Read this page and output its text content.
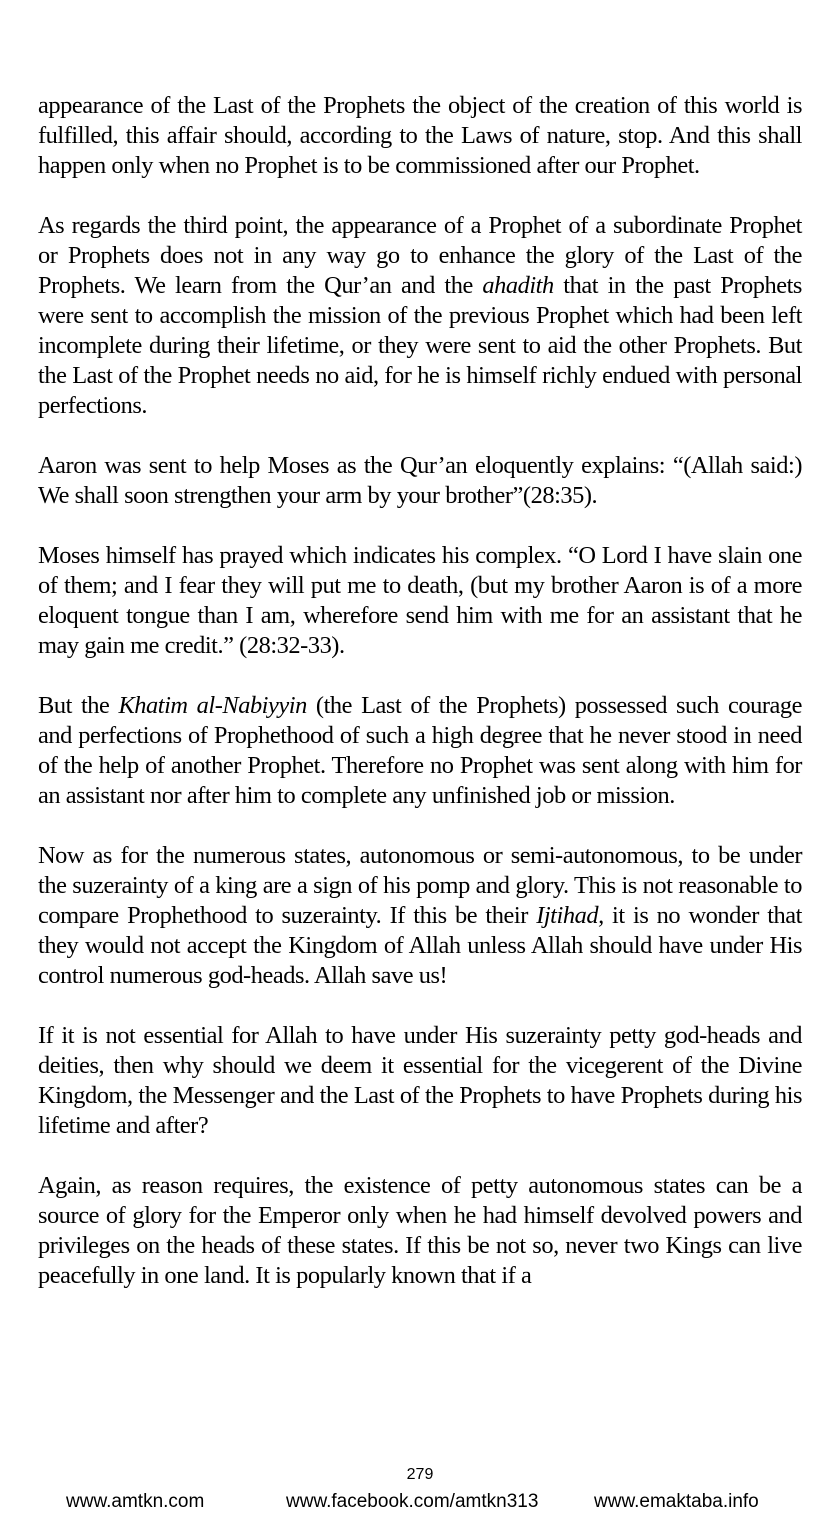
appearance of the Last of the Prophets the object of the creation of this world is fulfilled, this affair should, according to the Laws of nature, stop. And this shall happen only when no Prophet is to be commissioned after our Prophet.

As regards the third point, the appearance of a Prophet of a subordinate Prophet or Prophets does not in any way go to enhance the glory of the Last of the Prophets. We learn from the Qur’an and the ahadith that in the past Prophets were sent to accomplish the mission of the previous Prophet which had been left incomplete during their lifetime, or they were sent to aid the other Prophets. But the Last of the Prophet needs no aid, for he is himself richly endued with personal perfections.

Aaron was sent to help Moses as the Qur’an eloquently explains: “(Allah said:) We shall soon strengthen your arm by your brother”(28:35).

Moses himself has prayed which indicates his complex. “O Lord I have slain one of them; and I fear they will put me to death, (but my brother Aaron is of a more eloquent tongue than I am, wherefore send him with me for an assistant that he may gain me credit.” (28:32-33).

But the Khatim al-Nabiyyin (the Last of the Prophets) possessed such courage and perfections of Prophethood of such a high degree that he never stood in need of the help of another Prophet. Therefore no Prophet was sent along with him for an assistant nor after him to complete any unfinished job or mission.

Now as for the numerous states, autonomous or semi-autonomous, to be under the suzerainty of a king are a sign of his pomp and glory. This is not reasonable to compare Prophethood to suzerainty. If this be their Ijtihad, it is no wonder that they would not accept the Kingdom of Allah unless Allah should have under His control numerous god-heads. Allah save us!

If it is not essential for Allah to have under His suzerainty petty god-heads and deities, then why should we deem it essential for the vicegerent of the Divine Kingdom, the Messenger and the Last of the Prophets to have Prophets during his lifetime and after?

Again, as reason requires, the existence of petty autonomous states can be a source of glory for the Emperor only when he had himself devolved powers and privileges on the heads of these states. If this be not so, never two Kings can live peacefully in one land. It is popularly known that if a

279
www.amtkn.com	www.facebook.com/amtkn313	www.emaktaba.info
